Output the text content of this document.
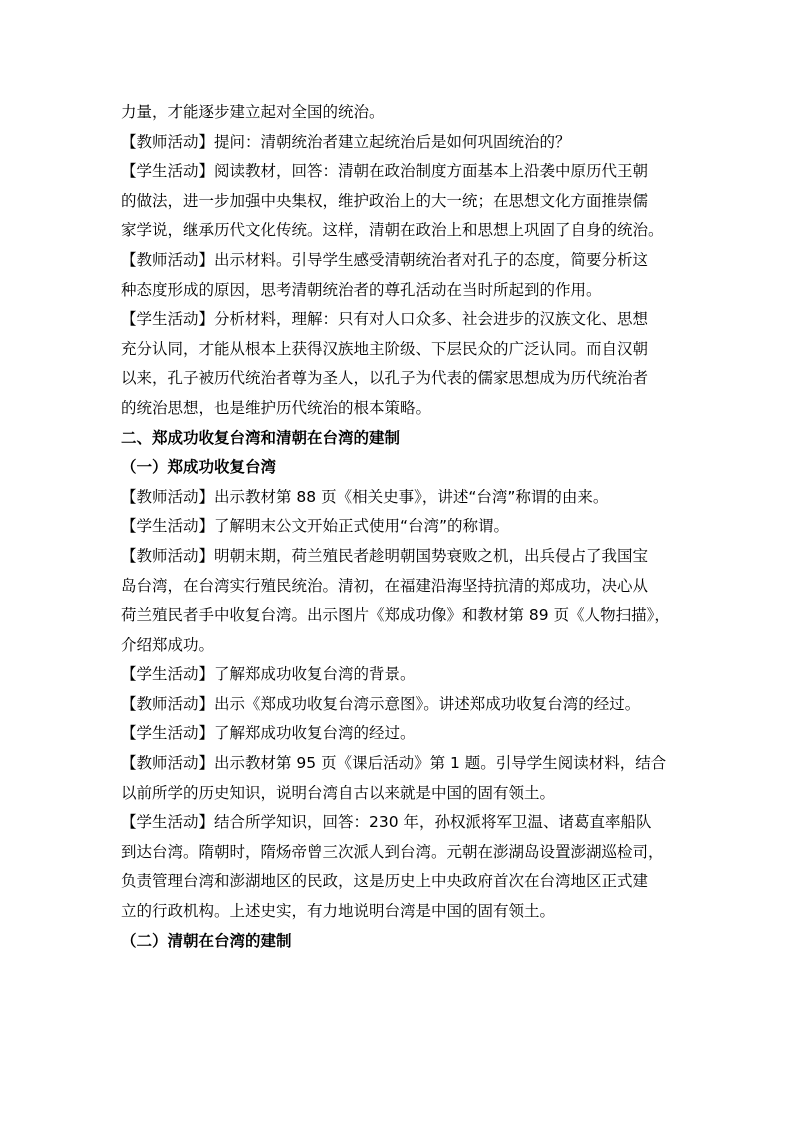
力量，才能逐步建立起对全国的统治。
【教师活动】提问：清朝统治者建立起统治后是如何巩固统治的？
【学生活动】阅读教材，回答：清朝在政治制度方面基本上沿袭中原历代王朝
的做法，进一步加强中央集权，维护政治上的大一统；在思想文化方面推崇儒
家学说，继承历代文化传统。这样，清朝在政治上和思想上巩固了自身的统治。
【教师活动】出示材料。引导学生感受清朝统治者对孔子的态度，简要分析这
种态度形成的原因，思考清朝统治者的尊孔活动在当时所起到的作用。
【学生活动】分析材料，理解：只有对人口众多、社会进步的汉族文化、思想
充分认同，才能从根本上获得汉族地主阶级、下层民众的广泛认同。而自汉朝
以来，孔子被历代统治者尊为圣人，以孔子为代表的儒家思想成为历代统治者
的统治思想，也是维护历代统治的根本策略。
二、郑成功收复台湾和清朝在台湾的建制
（一）郑成功收复台湾
【教师活动】出示教材第 88 页《相关史事》，讲述“台湾”称谓的由来。
【学生活动】了解明末公文开始正式使用“台湾”的称谓。
【教师活动】明朝末期，荷兰殖民者趁明朝国势衰败之机，出兵侵占了我国宝
岛台湾，在台湾实行殖民统治。清初，在福建沿海坚持抗清的郑成功，决心从
荷兰殖民者手中收复台湾。出示图片《郑成功像》和教材第 89 页《人物扫描》，
介绍郑成功。
【学生活动】了解郑成功收复台湾的背景。
【教师活动】出示《郑成功收复台湾示意图》。讲述郑成功收复台湾的经过。
【学生活动】了解郑成功收复台湾的经过。
【教师活动】出示教材第 95 页《课后活动》第 1 题。引导学生阅读材料，结合
以前所学的历史知识，说明台湾自古以来就是中国的固有领土。
【学生活动】结合所学知识，回答：230 年，孙权派将军卫温、诸葛直率船队
到达台湾。隋朝时，隋炀帝曾三次派人到台湾。元朝在澎湖岛设置澎湖巡检司，
负责管理台湾和澎湖地区的民政，这是历史上中央政府首次在台湾地区正式建
立的行政机构。上述史实，有力地说明台湾是中国的固有领土。
（二）清朝在台湾的建制
